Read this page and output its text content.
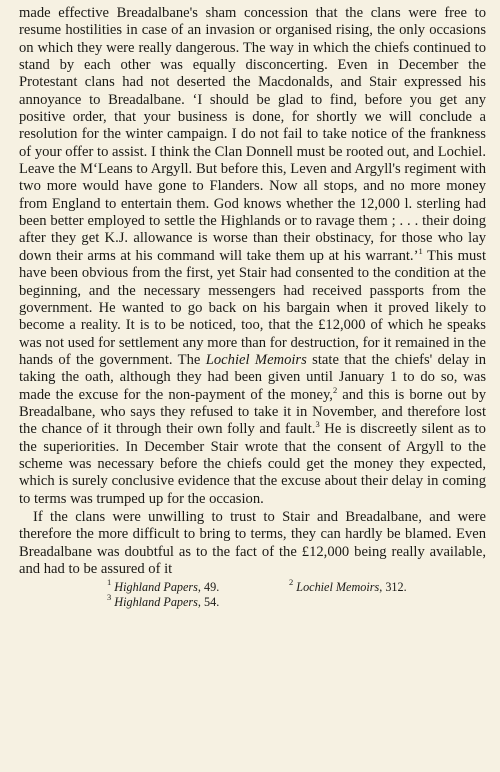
made effective Breadalbane's sham concession that the clans were free to resume hostilities in case of an invasion or organised rising, the only occasions on which they were really dangerous. The way in which the chiefs continued to stand by each other was equally disconcerting. Even in December the Protestant clans had not deserted the Macdonalds, and Stair expressed his annoyance to Breadalbane. ‘I should be glad to find, before you get any positive order, that your business is done, for shortly we will conclude a resolution for the winter campaign. I do not fail to take notice of the frankness of your offer to assist. I think the Clan Donnell must be rooted out, and Lochiel. Leave the M‘Leans to Argyll. But before this, Leven and Argyll's regiment with two more would have gone to Flanders. Now all stops, and no more money from England to entertain them. God knows whether the 12,000 l. sterling had been better employed to settle the Highlands or to ravage them ; . . . their doing after they get K.J. allowance is worse than their obstinacy, for those who lay down their arms at his command will take them up at his warrant.’$^1$ This must have been obvious from the first, yet Stair had consented to the condition at the beginning, and the necessary messengers had received passports from the government. He wanted to go back on his bargain when it proved likely to become a reality. It is to be noticed, too, that the £12,000 of which he speaks was not used for settlement any more than for destruction, for it remained in the hands of the government. The Lochiel Memoirs state that the chiefs' delay in taking the oath, although they had been given until January 1 to do so, was made the excuse for the non-payment of the money,$^2$ and this is borne out by Breadalbane, who says they refused to take it in November, and therefore lost the chance of it through their own folly and fault.$^3$ He is discreetly silent as to the superiorities. In December Stair wrote that the consent of Argyll to the scheme was necessary before the chiefs could get the money they expected, which is surely conclusive evidence that the excuse about their delay in coming to terms was trumped up for the occasion.

If the clans were unwilling to trust to Stair and Breadalbane, and were therefore the more difficult to bring to terms, they can hardly be blamed. Even Breadalbane was doubtful as to the fact of the £12,000 being really available, and had to be assured of it

$^1$ Highland Papers, 49.	$^2$ Lochiel Memoirs, 312.
$^3$ Highland Papers, 54.
